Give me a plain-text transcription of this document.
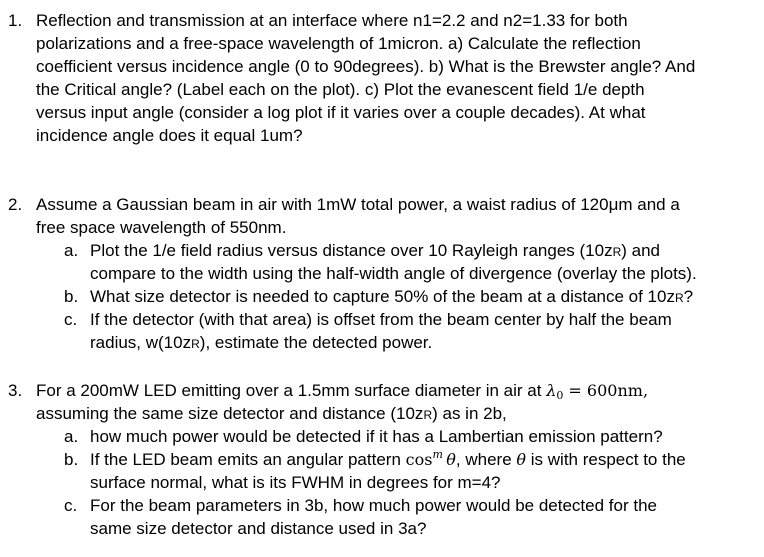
1. Reflection and transmission at an interface where n1=2.2 and n2=1.33 for both
polarizations and a free-space wavelength of 1micron. a) Calculate the reflection
coefficient versus incidence angle (0 to 90degrees). b) What is the Brewster angle? And
the Critical angle? (Label each on the plot). c) Plot the evanescent field 1/e depth
versus input angle (consider a log plot if it varies over a couple decades). At what
incidence angle does it equal 1um?
2. Assume a Gaussian beam in air with 1mW total power, a waist radius of 120μm and a
free space wavelength of 550nm.
a. Plot the 1/e field radius versus distance over 10 Rayleigh ranges (10zR) and
compare to the width using the half-width angle of divergence (overlay the plots).
b. What size detector is needed to capture 50% of the beam at a distance of 10zR?
c. If the detector (with that area) is offset from the beam center by half the beam
radius, w(10zR), estimate the detected power.
3. For a 200mW LED emitting over a 1.5mm surface diameter in air at $\lambda_0 = 600nm$,
assuming the same size detector and distance (10zR) as in 2b,
a. how much power would be detected if it has a Lambertian emission pattern?
b. If the LED beam emits an angular pattern $\cos^m \theta$, where θ is with respect to the
surface normal, what is its FWHM in degrees for m=4?
c. For the beam parameters in 3b, how much power would be detected for the
same size detector and distance used in 3a?
